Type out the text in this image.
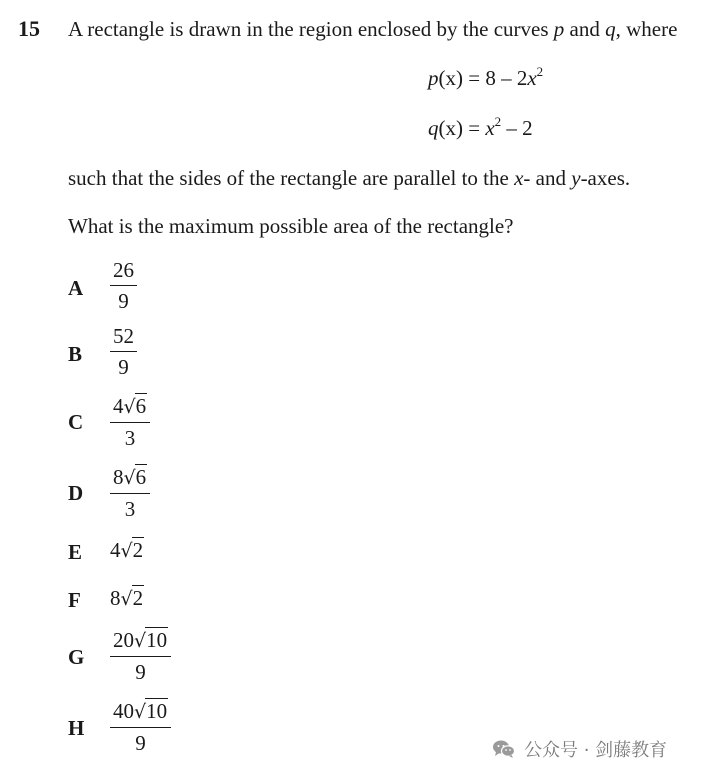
15 A rectangle is drawn in the region enclosed by the curves p and q, where
$p(x) = 8 - 2x^2$
$q(x) = x^2 - 2$
such that the sides of the rectangle are parallel to the x- and y-axes.
What is the maximum possible area of the rectangle?
A $\frac{26}{9}$
B $\frac{52}{9}$
C $\frac{4√6}{3}$
D $\frac{8√6}{3}$
E 4√2
F 8√2
G $\frac{20√10}{9}$
H $\frac{40√10}{9}$	公众号 · 剑藤教育
